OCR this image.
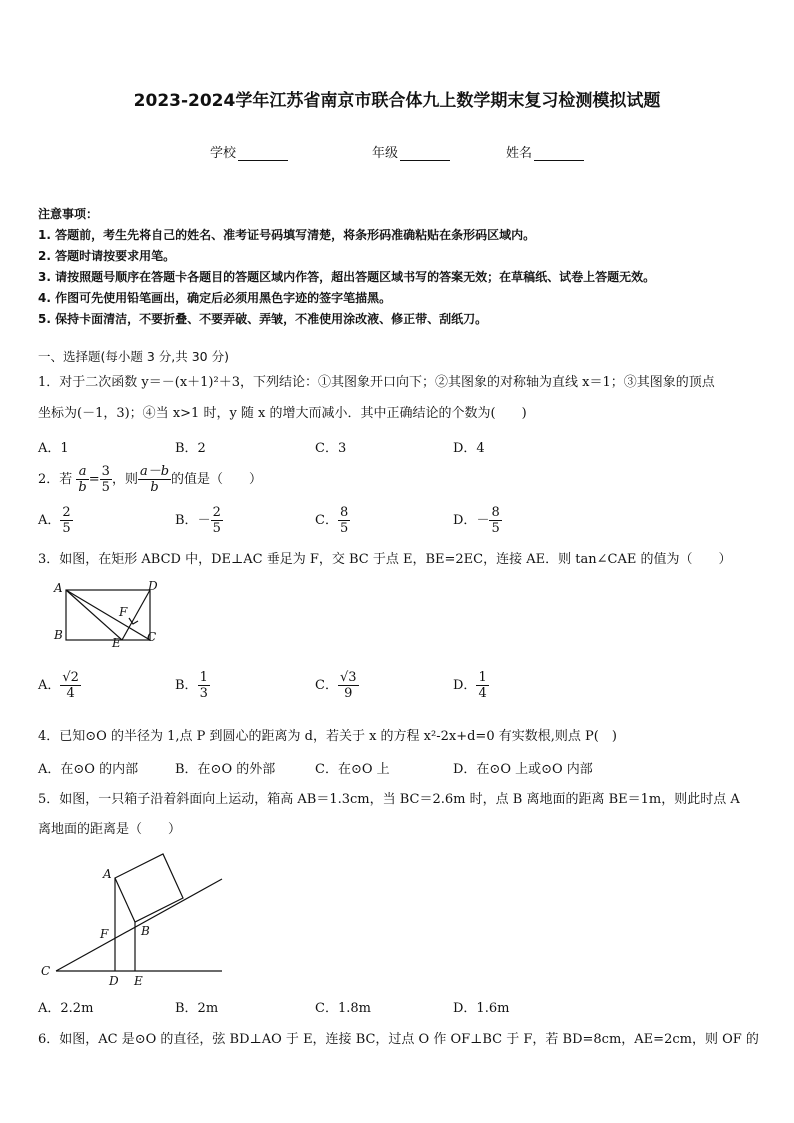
2023-2024学年江苏省南京市联合体九上数学期末复习检测模拟试题
学校	年级	姓名
注意事项：
1. 答题前，考生先将自己的姓名、准考证号码填写清楚，将条形码准确粘贴在条形码区域内。
2. 答题时请按要求用笔。
3. 请按照题号顺序在答题卡各题目的答题区域内作答，超出答题区域书写的答案无效；在草稿纸、试卷上答题无效。
4. 作图可先使用铅笔画出，确定后必须用黑色字迹的签字笔描黑。
5. 保持卡面清洁，不要折叠、不要弄破、弄皱，不准使用涂改液、修正带、刮纸刀。
一、选择题(每小题 3 分,共 30 分)
1．对于二次函数 y＝－(x＋1)²＋3，下列结论：①其图象开口向下；②其图象的对称轴为直线 x＝1；③其图象的顶点
坐标为(－1，3)；④当 x>1 时，y 随 x 的增大而减小．其中正确结论的个数为(　　)
A．1	B．2	C．3	D．4
2．若 $\frac{a}{b} = \frac{3}{5}$ ，则 $\frac{a-b}{b}$ 的值是（　　）
A． $\frac{2}{5}$	B．－ $\frac{2}{5}$	C． $\frac{8}{5}$	D．－ $\frac{8}{5}$
3．如图，在矩形 ABCD 中，DE⊥AC 垂足为 F，交 BC 于点 E，BE=2EC，连接 AE．则 tan∠CAE 的值为（　　）
A	D
F
B
E C
A． $\frac{√2}{4}$	B． $\frac{1}{3}$	C． $\frac{√3}{9}$	D． $\frac{1}{4}$
4．已知⊙O 的半径为 1,点 P 到圆心的距离为 d，若关于 x 的方程 x²-2x+d=0 有实数根,则点 P(　)
A．在⊙O 的内部	B．在⊙O 的外部	C．在⊙O 上	D．在⊙O 上或⊙O 内部
5．如图，一只箱子沿着斜面向上运动，箱高 AB＝1.3cm，当 BC＝2.6m 时，点 B 离地面的距离 BE＝1m，则此时点 A
离地面的距离是（　　）
A
F	B
C
D E
A．2.2m	B．2m	C．1.8m	D．1.6m
6．如图，AC 是⊙O 的直径，弦 BD⊥AO 于 E，连接 BC，过点 O 作 OF⊥BC 于 F，若 BD=8cm，AE=2cm，则 OF 的
